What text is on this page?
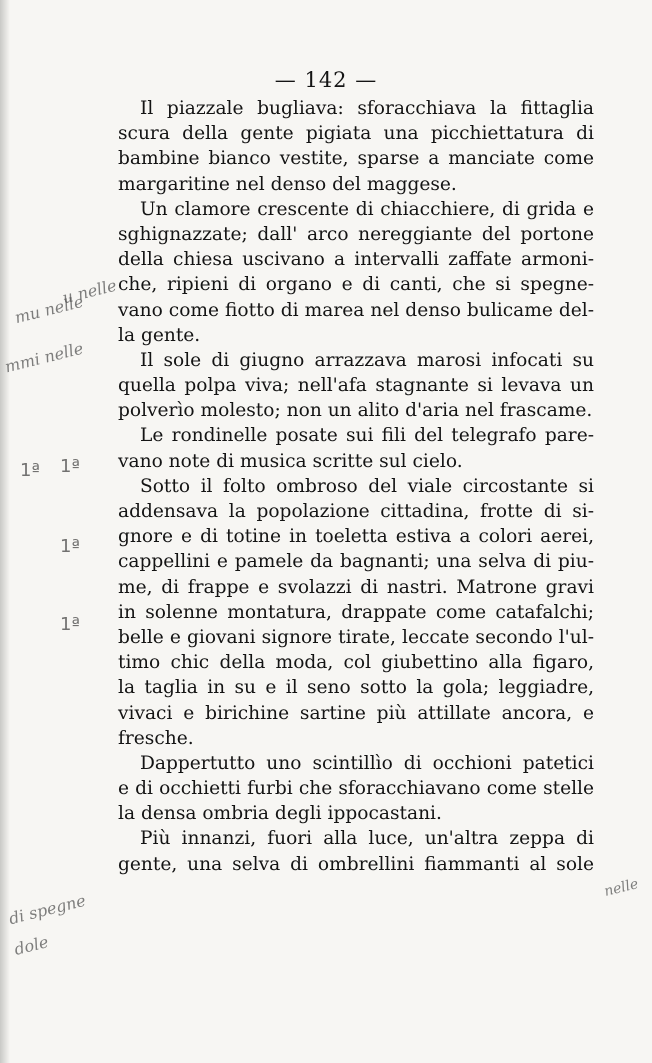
— 142 —

Il piazzale bugliava: sforacchiava la fittaglia
scura della gente pigiata una picchiettatura di
bambine bianco vestite, sparse a manciate come
margaritine nel denso del maggese.

Un clamore crescente di chiacchiere, di grida e
sghignazzate; dall' arco nereggiante del portone
della chiesa uscivano a intervalli zaffate armoni-
che, ripieni di organo e di canti, che si spegne-
vano come fiotto di marea nel denso bulicame del-
la gente.

Il sole di giugno arrazzava marosi infocati su
quella polpa viva; nell'afa stagnante si levava un
polverìo molesto; non un alito d'aria nel frascame.

Le rondinelle posate sui fili del telegrafo pare-
vano note di musica scritte sul cielo.

Sotto il folto ombroso del viale circostante si
addensava la popolazione cittadina, frotte di si-
gnore e di totine in toeletta estiva a colori aerei,
cappellini e pamele da bagnanti; una selva di piu-
me, di frappe e svolazzi di nastri. Matrone gravi
in solenne montatura, drappate come catafalchi;
belle e giovani signore tirate, leccate secondo l'ul-
timo chic della moda, col giubettino alla figaro,
la taglia in su e il seno sotto la gola; leggiadre,
vivaci e birichine sartine più attillate ancora, e
fresche.

Dappertutto uno scintillìo di occhioni patetici
e di occhietti furbi che sforacchiavano come stelle
la densa ombria degli ippocastani.

Più innanzi, fuori alla luce, un'altra zeppa di
gente, una selva di ombrellini fiammanti al sole

mu nelle
u nelle
mmi nelle
1ª
1ª
1ª
1ª
di spegne
dole
nelle
